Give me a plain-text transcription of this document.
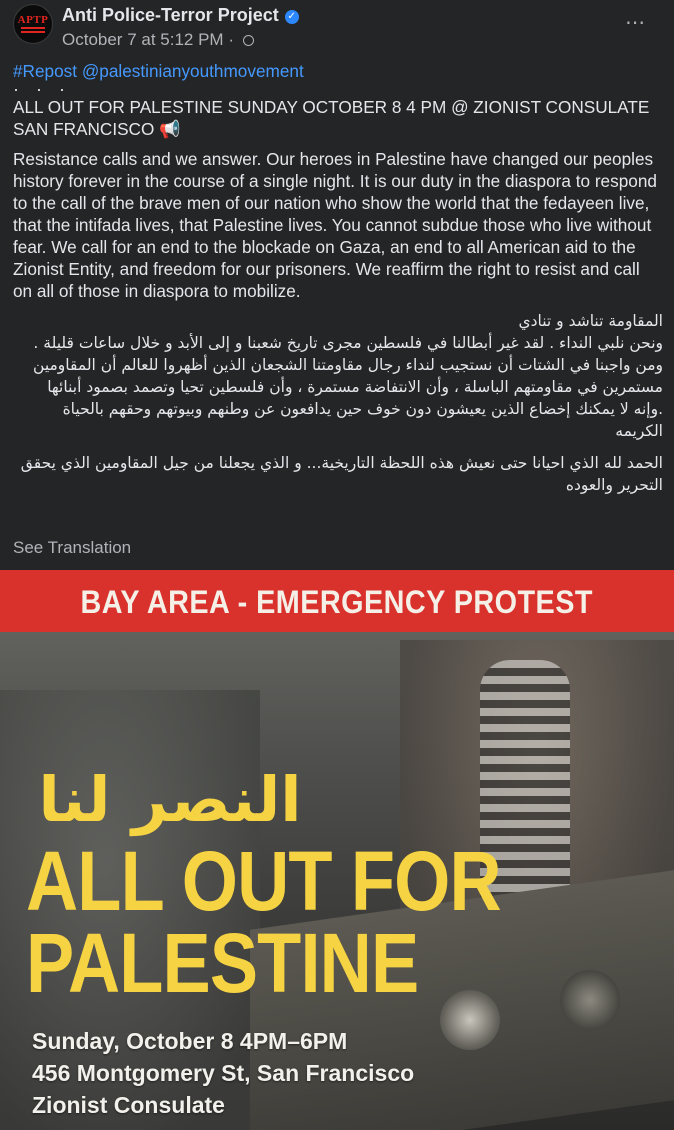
APTP Anti Police-Terror Project ✓
October 7 at 5:12 PM ·
⋯
#Repost @palestinianyouthmovement
· · ·

ALL OUT FOR PALESTINE SUNDAY OCTOBER 8 4 PM @ ZIONIST CONSULATE SAN FRANCISCO 📢

Resistance calls and we answer. Our heroes in Palestine have changed our peoples history forever in the course of a single night. It is our duty in the diaspora to respond to the call of the brave men of our nation who show the world that the fedayeen live, that the intifada lives, that Palestine lives. You cannot subdue those who live without fear. We call for an end to the blockade on Gaza, an end to all American aid to the Zionist Entity, and freedom for our prisoners. We reaffirm the right to resist and call on all of those in diaspora to mobilize.

المقاومة تناشد و تنادي
ونحن نلبي النداء . لقد غير أبطالنا في فلسطين مجرى تاريخ شعبنا و إلى الأبد و خلال ساعات قليلة . ومن واجبنا في الشتات أن نستجيب لنداء رجال مقاومتنا الشجعان الذين أظهروا للعالم أن المقاومين مستمرين في مقاومتهم الباسلة ، وأن الانتفاضة مستمرة ، وأن فلسطين تحيا وتصمد بصمود أبنائها .وإنه لا يمكنك إخضاع الذين يعيشون دون خوف حين يدافعون عن وطنهم وبيوتهم وحقهم بالحياة الكريمه
الحمد لله الذي احيانا حتى نعيش هذه اللحظة التاريخية... و الذي يجعلنا من جيل المقاومين الذي يحقق التحرير والعوده
See Translation
BAY AREA - EMERGENCY PROTEST
النصر لنا
ALL OUT FOR
PALESTINE
Sunday, October 8 4PM–6PM
456 Montgomery St, San Francisco
Zionist Consulate
